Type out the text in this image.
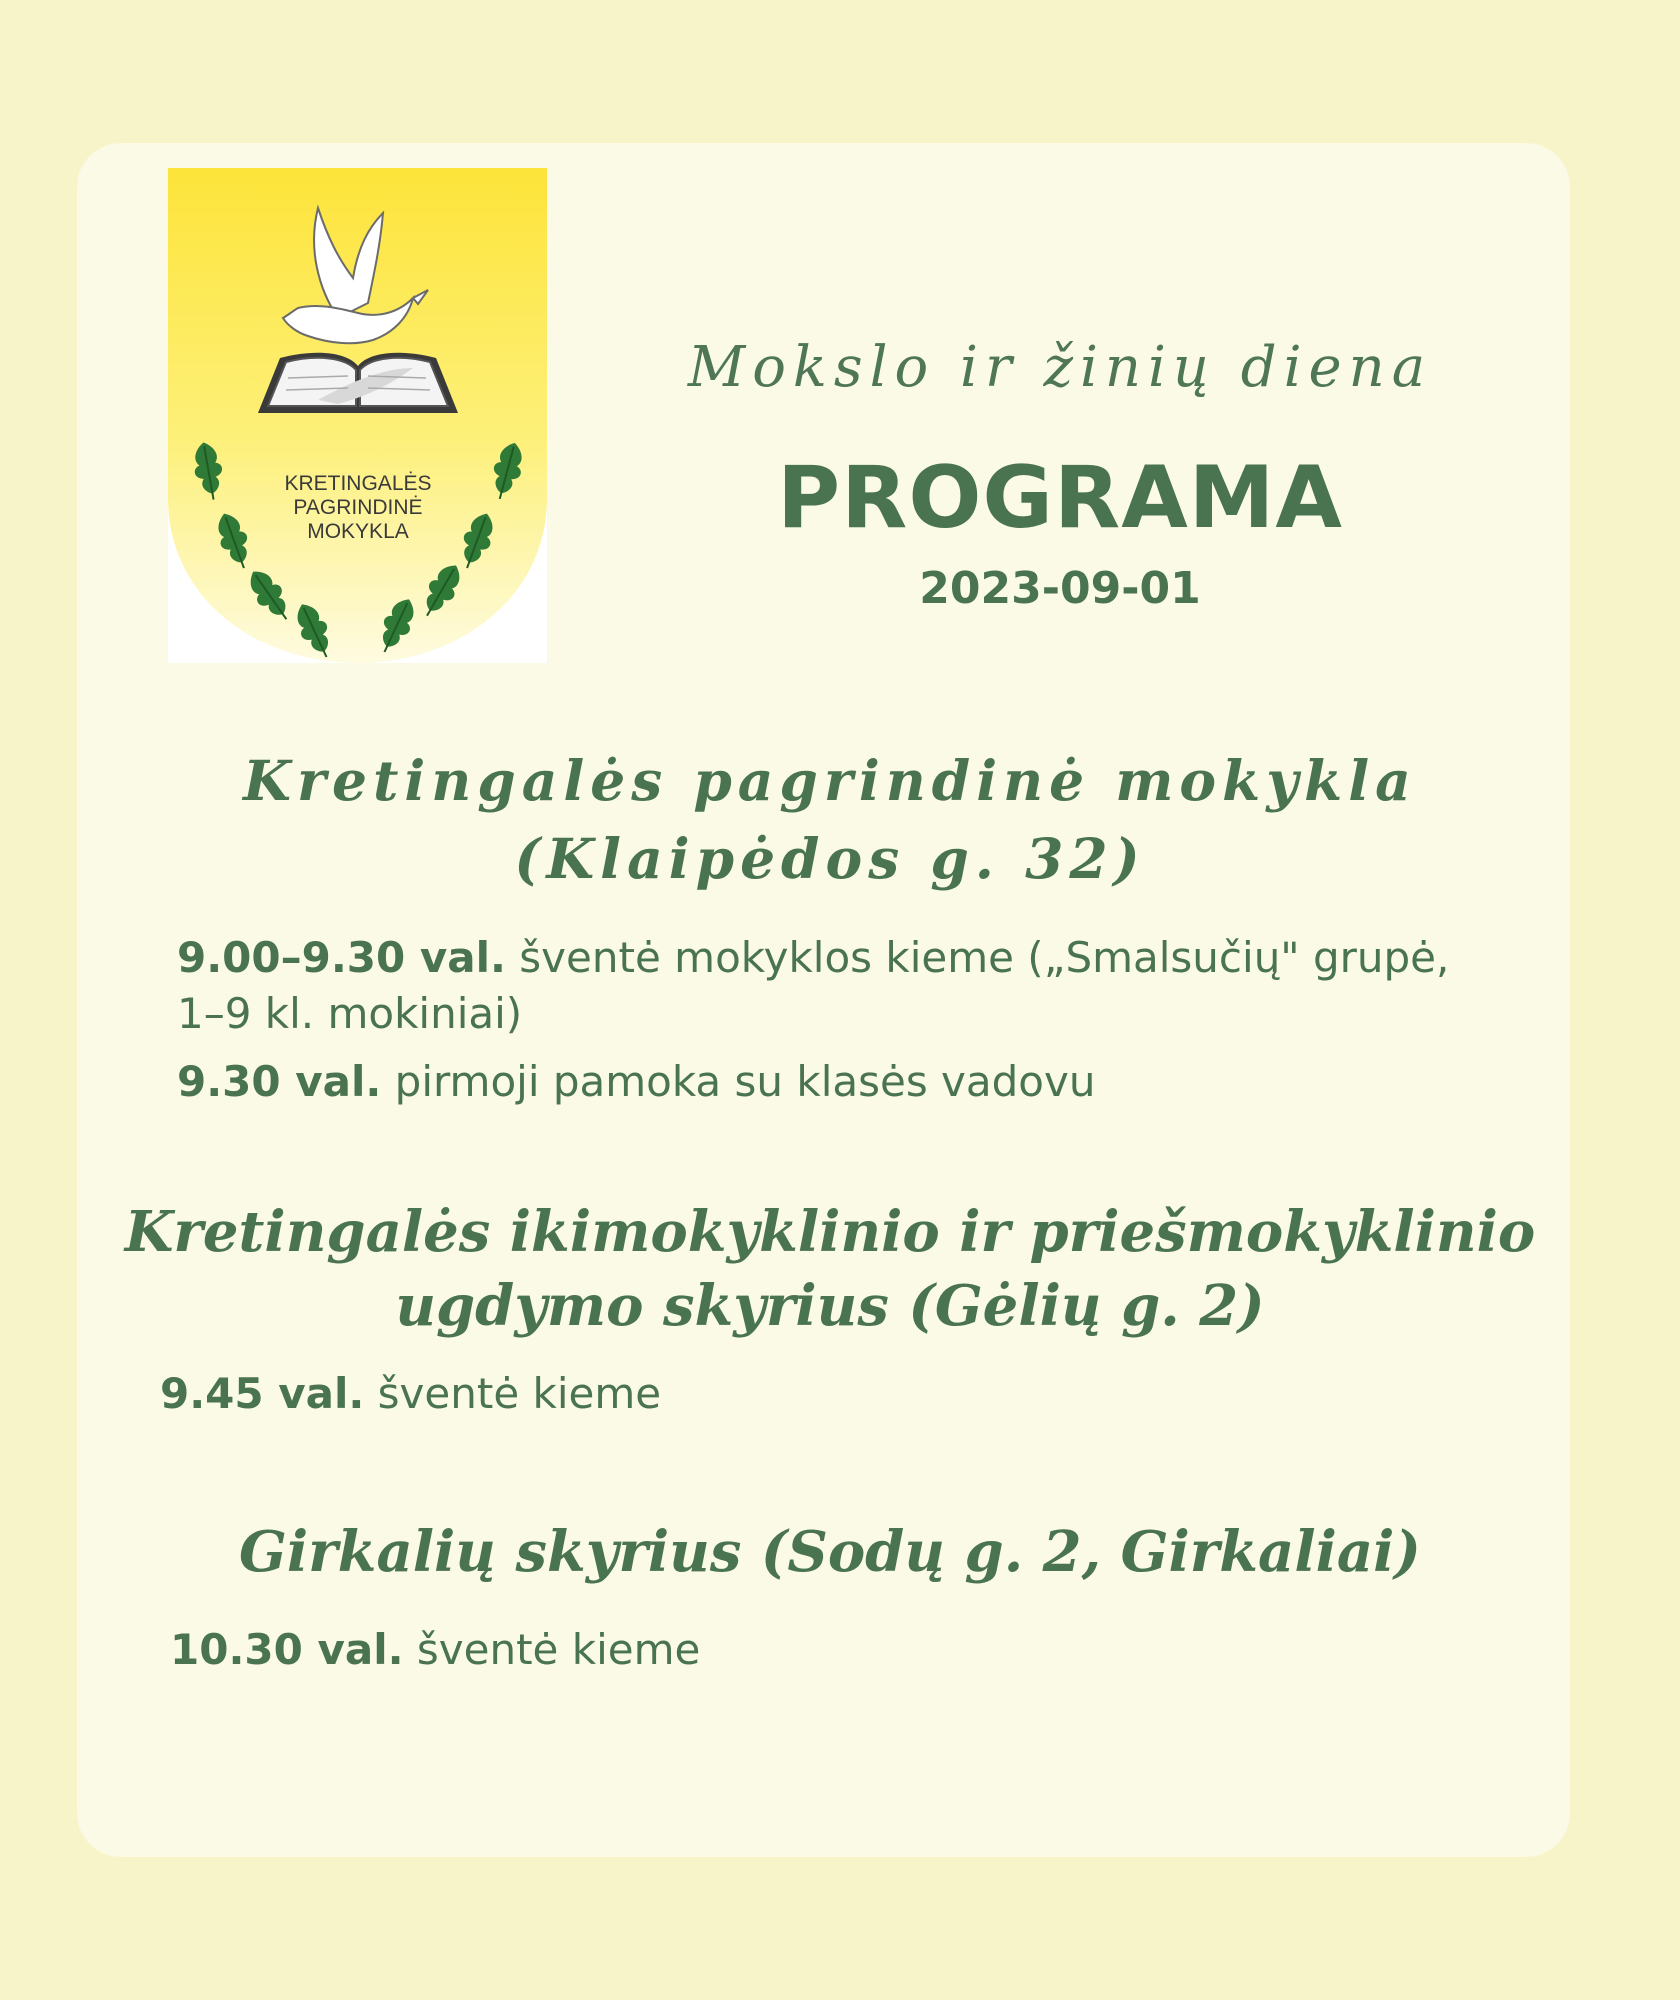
KRETINGALĖS
PAGRINDINĖ
MOKYKLA
Mokslo ir žinių diena
PROGRAMA
2023-09-01
Kretingalės pagrindinė mokykla
(Klaipėdos g. 32)
9.00–9.30 val. šventė mokyklos kieme („Smalsučių" grupė, 1–9 kl. mokiniai)
9.30 val. pirmoji pamoka su klasės vadovu
Kretingalės ikimokyklinio ir priešmokyklinio
ugdymo skyrius (Gėlių g. 2)
9.45 val. šventė kieme
Girkalių skyrius (Sodų g. 2, Girkaliai)
10.30 val. šventė kieme
